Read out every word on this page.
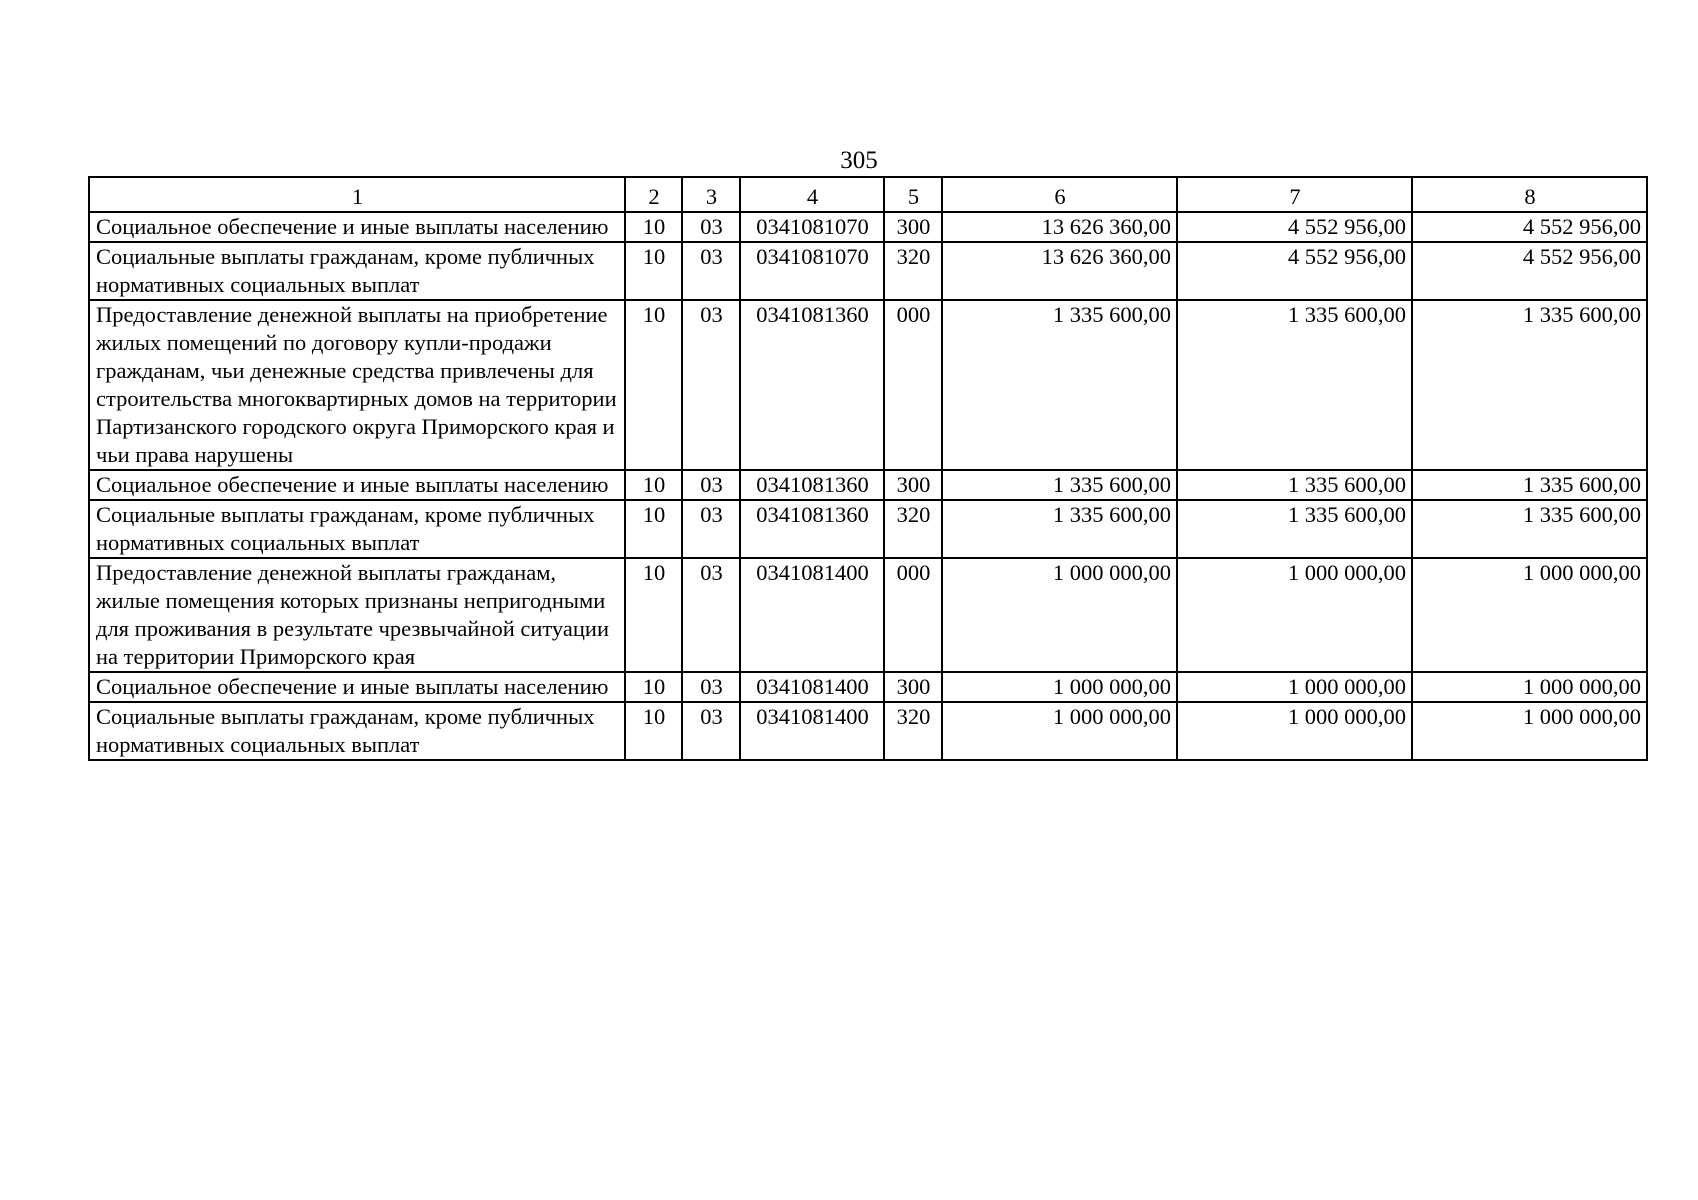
305
1	2	3	4	5	6	7	8
Социальное обеспечение и иные выплаты населению	10	03	0341081070	300	13 626 360,00	4 552 956,00	4 552 956,00
Социальные выплаты гражданам, кроме публичных нормативных социальных выплат	10	03	0341081070	320	13 626 360,00	4 552 956,00	4 552 956,00
Предоставление денежной выплаты на приобретение жилых помещений по договору купли-продажи гражданам, чьи денежные средства привлечены для строительства многоквартирных домов на территории Партизанского городского округа Приморского края и чьи права нарушены	10	03	0341081360	000	1 335 600,00	1 335 600,00	1 335 600,00
Социальное обеспечение и иные выплаты населению	10	03	0341081360	300	1 335 600,00	1 335 600,00	1 335 600,00
Социальные выплаты гражданам, кроме публичных нормативных социальных выплат	10	03	0341081360	320	1 335 600,00	1 335 600,00	1 335 600,00
Предоставление денежной выплаты гражданам, жилые помещения которых признаны непригодными для проживания в результате чрезвычайной ситуации на территории Приморского края	10	03	0341081400	000	1 000 000,00	1 000 000,00	1 000 000,00
Социальное обеспечение и иные выплаты населению	10	03	0341081400	300	1 000 000,00	1 000 000,00	1 000 000,00
Социальные выплаты гражданам, кроме публичных нормативных социальных выплат	10	03	0341081400	320	1 000 000,00	1 000 000,00	1 000 000,00
